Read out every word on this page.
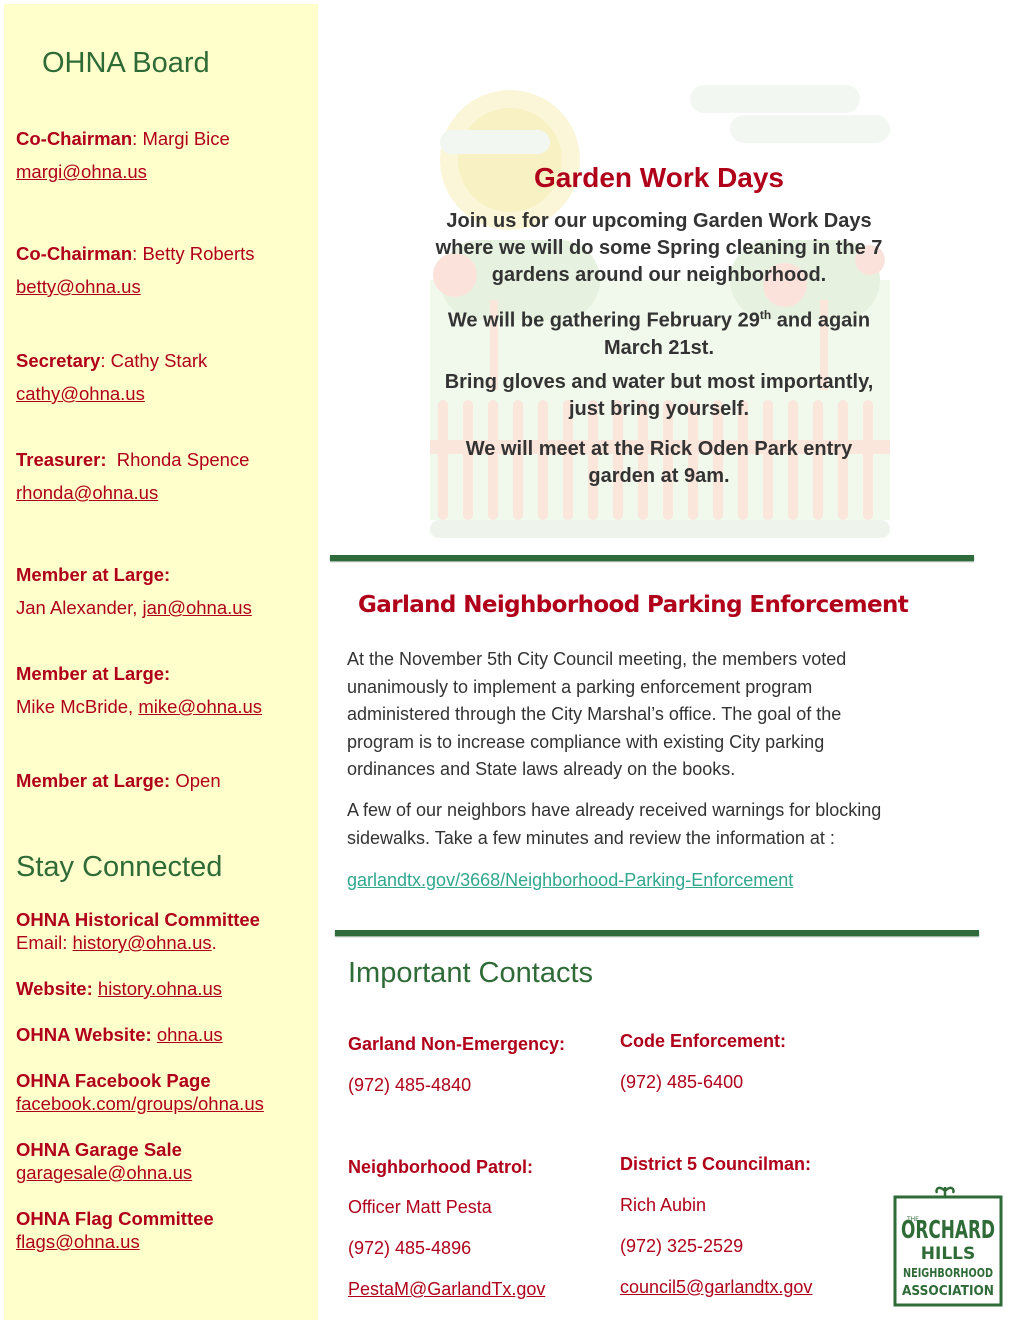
OHNA Board
Co-Chairman: Margi Bice
margi@ohna.us
Co-Chairman: Betty Roberts
betty@ohna.us
Secretary: Cathy Stark
cathy@ohna.us
Treasurer: Rhonda Spence
rhonda@ohna.us
Member at Large:
Jan Alexander, jan@ohna.us
Member at Large:
Mike McBride, mike@ohna.us
Member at Large: Open
Stay Connected
OHNA Historical Committee
Email: history@ohna.us.
Website: history.ohna.us
OHNA Website: ohna.us
OHNA Facebook Page
facebook.com/groups/ohna.us
OHNA Garage Sale
garagesale@ohna.us
OHNA Flag Committee
flags@ohna.us
Garden Work Days
Join us for our upcoming Garden Work Days
where we will do some Spring cleaning in the 7
gardens around our neighborhood.
We will be gathering February 29th and again
March 21st.
Bring gloves and water but most importantly,
just bring yourself.
We will meet at the Rick Oden Park entry
garden at 9am.
Garland Neighborhood Parking Enforcement
At the November 5th City Council meeting, the members voted
unanimously to implement a parking enforcement program
administered through the City Marshal’s office. The goal of the
program is to increase compliance with existing City parking
ordinances and State laws already on the books.
A few of our neighbors have already received warnings for blocking
sidewalks. Take a few minutes and review the information at :
garlandtx.gov/3668/Neighborhood-Parking-Enforcement
Important Contacts
Garland Non-Emergency:
(972) 485-4840
Code Enforcement:
(972) 485-6400
Neighborhood Patrol:
Officer Matt Pesta
(972) 485-4896
PestaM@GarlandTx.gov
District 5 Councilman:
Rich Aubin
(972) 325-2529
council5@garlandtx.gov
ORCHARD
THE
HILLS
NEIGHBORHOOD
ASSOCIATION
